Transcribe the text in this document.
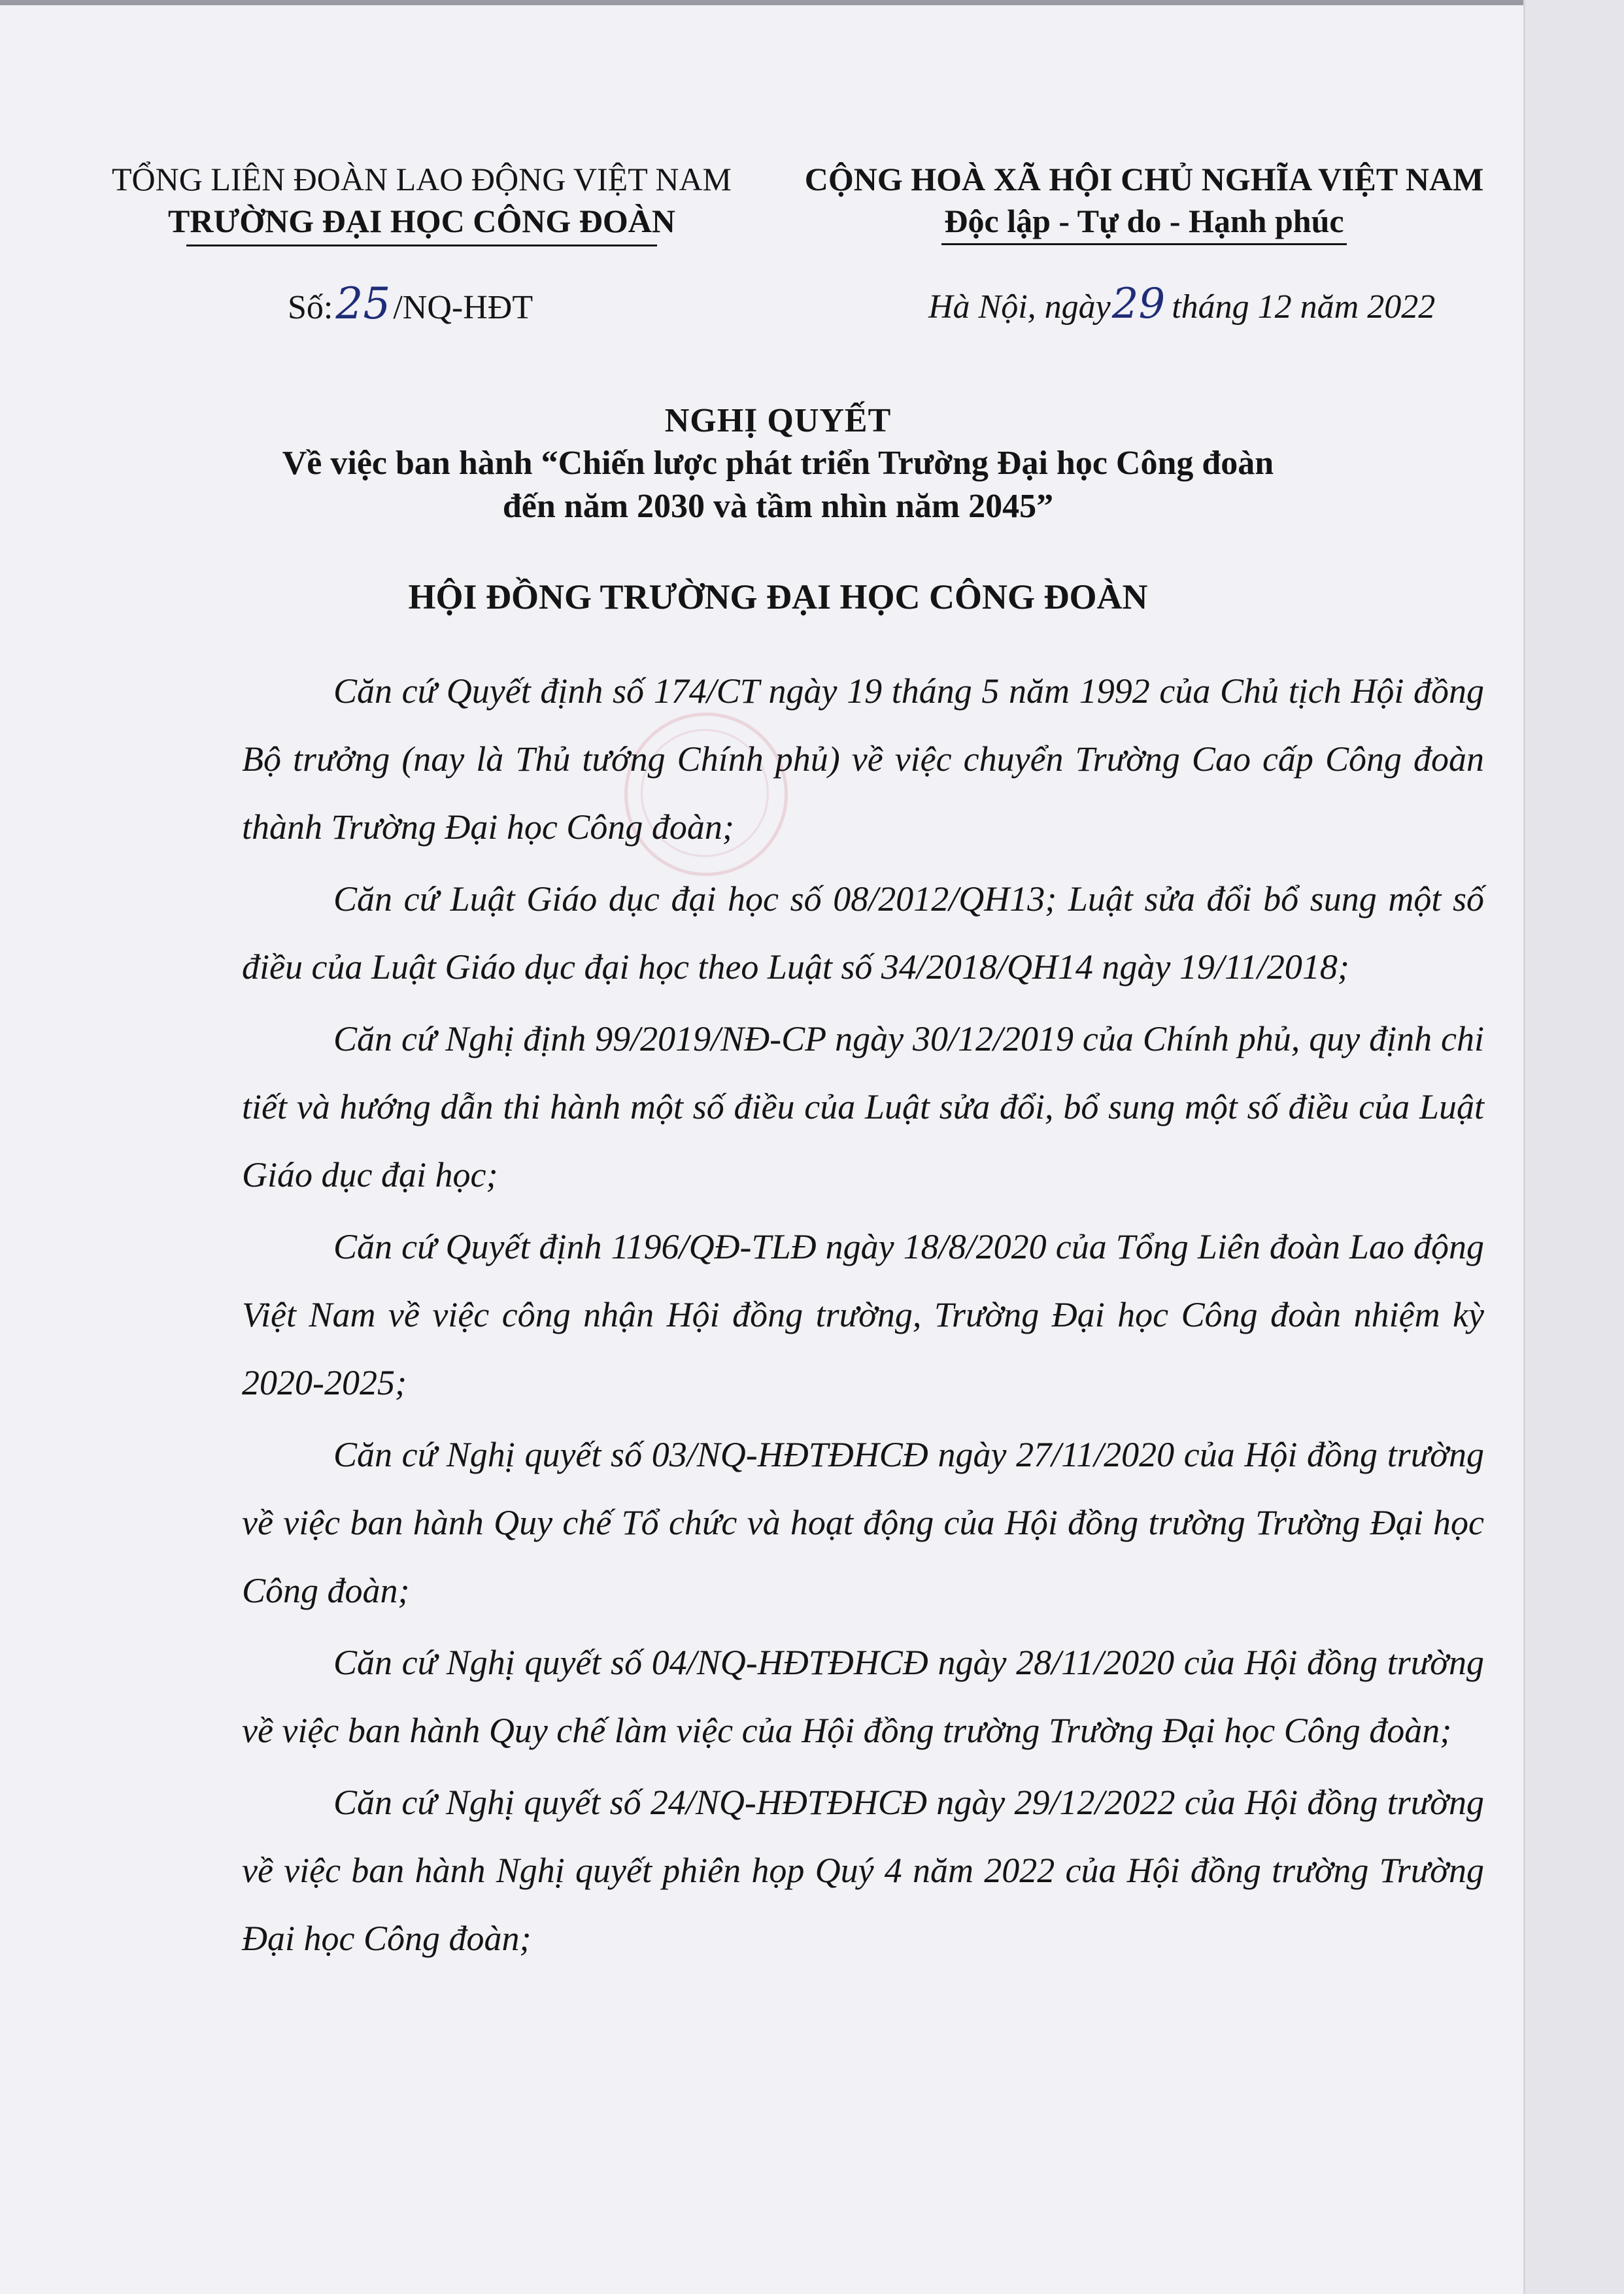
TỔNG LIÊN ĐOÀN LAO ĐỘNG VIỆT NAM
TRƯỜNG ĐẠI HỌC CÔNG ĐOÀN
CỘNG HOÀ XÃ HỘI CHỦ NGHĨA VIỆT NAM
Độc lập - Tự do - Hạnh phúc
Số:25/NQ-HĐT	Hà Nội, ngày29 tháng 12 năm 2022
NGHỊ QUYẾT
Về việc ban hành “Chiến lược phát triển Trường Đại học Công đoàn
đến năm 2030 và tầm nhìn năm 2045”
HỘI ĐỒNG TRƯỜNG ĐẠI HỌC CÔNG ĐOÀN

Căn cứ Quyết định số 174/CT ngày 19 tháng 5 năm 1992 của Chủ tịch Hội đồng Bộ trưởng (nay là Thủ tướng Chính phủ) về việc chuyển Trường Cao cấp Công đoàn thành Trường Đại học Công đoàn;

Căn cứ Luật Giáo dục đại học số 08/2012/QH13; Luật sửa đổi bổ sung một số điều của Luật Giáo dục đại học theo Luật số 34/2018/QH14 ngày 19/11/2018;

Căn cứ Nghị định 99/2019/NĐ-CP ngày 30/12/2019 của Chính phủ, quy định chi tiết và hướng dẫn thi hành một số điều của Luật sửa đổi, bổ sung một số điều của Luật Giáo dục đại học;

Căn cứ Quyết định 1196/QĐ-TLĐ ngày 18/8/2020 của Tổng Liên đoàn Lao động Việt Nam về việc công nhận Hội đồng trường, Trường Đại học Công đoàn nhiệm kỳ 2020-2025;

Căn cứ Nghị quyết số 03/NQ-HĐTĐHCĐ ngày 27/11/2020 của Hội đồng trường về việc ban hành Quy chế Tổ chức và hoạt động của Hội đồng trường Trường Đại học Công đoàn;

Căn cứ Nghị quyết số 04/NQ-HĐTĐHCĐ ngày 28/11/2020 của Hội đồng trường về việc ban hành Quy chế làm việc của Hội đồng trường Trường Đại học Công đoàn;

Căn cứ Nghị quyết số 24/NQ-HĐTĐHCĐ ngày 29/12/2022 của Hội đồng trường về việc ban hành Nghị quyết phiên họp Quý 4 năm 2022 của Hội đồng trường Trường Đại học Công đoàn;
